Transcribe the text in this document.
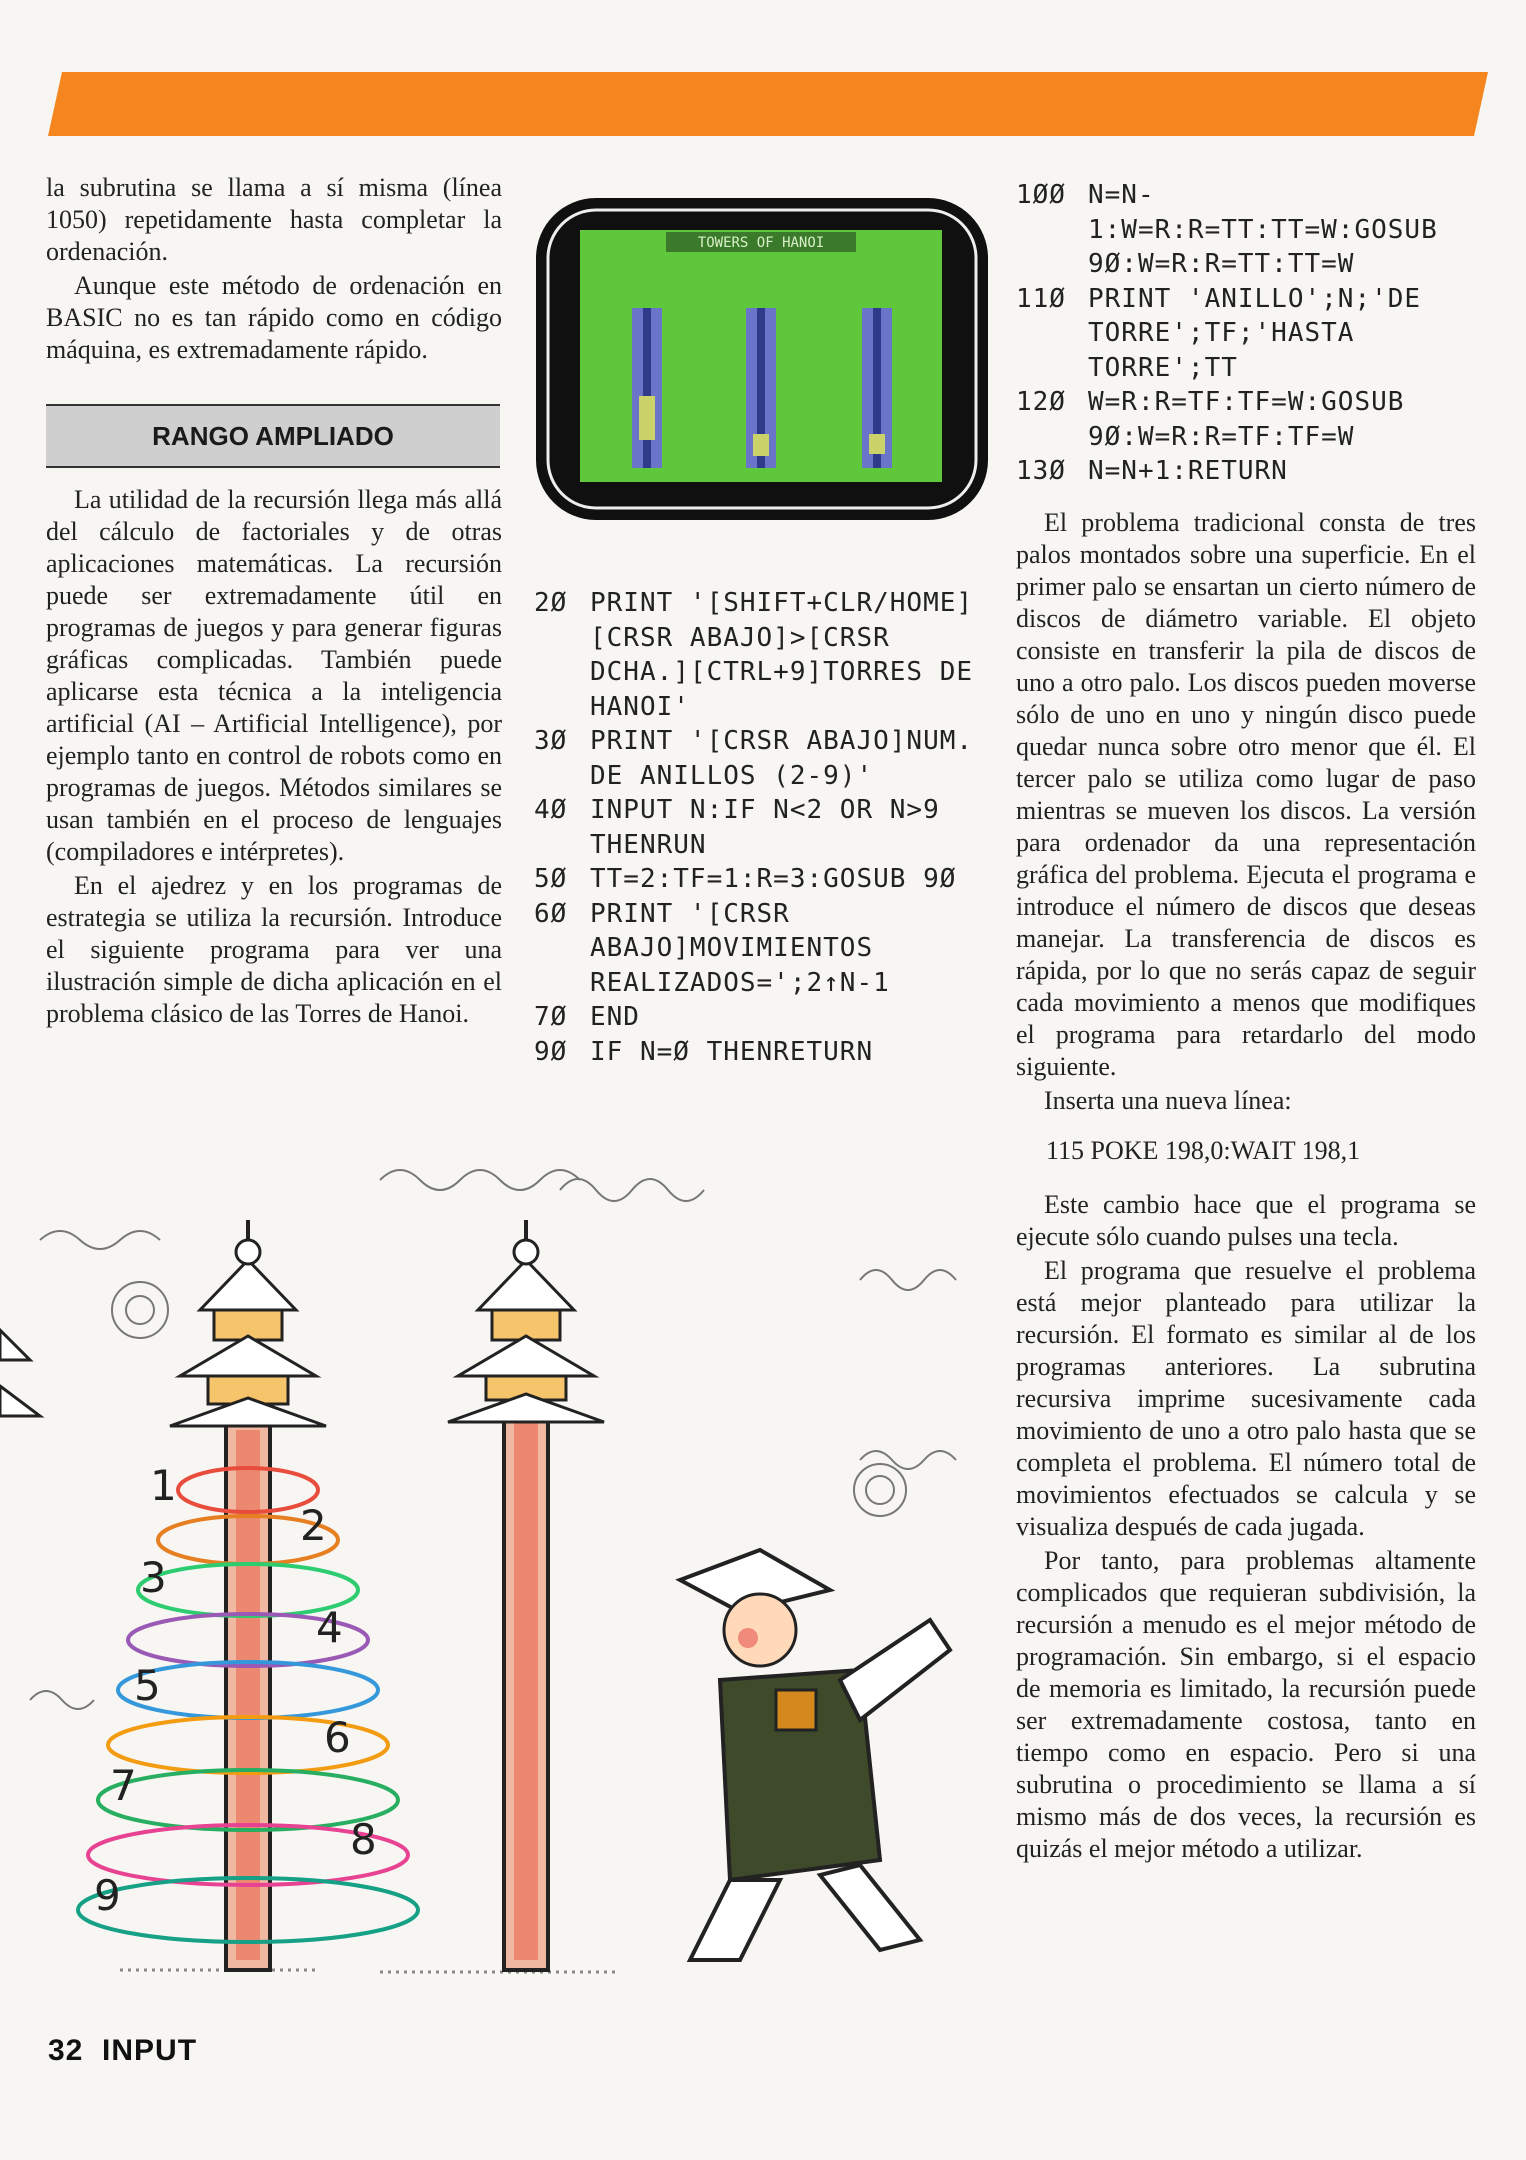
la subrutina se llama a sí misma (línea 1050) repetidamente hasta completar la ordenación.

Aunque este método de ordenación en BASIC no es tan rápido como en código máquina, es extremadamente rápido.

RANGO AMPLIADO

La utilidad de la recursión llega más allá del cálculo de factoriales y de otras aplicaciones matemáticas. La recursión puede ser extremadamente útil en programas de juegos y para generar figuras gráficas complicadas. También puede aplicarse esta técnica a la inteligencia artificial (AI – Artificial Intelligence), por ejemplo tanto en control de robots como en programas de juegos. Métodos similares se usan también en el proceso de lenguajes (compiladores e intérpretes).

En el ajedrez y en los programas de estrategia se utiliza la recursión. Introduce el siguiente programa para ver una ilustración simple de dicha aplicación en el problema clásico de las Torres de Hanoi.

TOWERS OF HANOI
2Ø PRINT '[SHIFT+CLR/HOME][CRSR ABAJO]>[CRSR DCHA.][CTRL+9]TORRES DE HANOI'
3Ø PRINT '[CRSR ABAJO]NUM. DE ANILLOS (2-9)'
4Ø INPUT N:IF N<2 OR N>9 THENRUN
5Ø TT=2:TF=1:R=3:GOSUB 9Ø
6Ø PRINT '[CRSR ABAJO]MOVIMIENTOS REALIZADOS=';2↑N-1
7Ø END
9Ø IF N=Ø THENRETURN
1ØØ N=N-1:W=R:R=TT:TT=W:GOSUB 9Ø:W=R:R=TT:TT=W
11Ø PRINT 'ANILLO';N;'DE TORRE';TF;'HASTA TORRE';TT
12Ø W=R:R=TF:TF=W:GOSUB 9Ø:W=R:R=TF:TF=W
13Ø N=N+1:RETURN

El problema tradicional consta de tres palos montados sobre una superficie. En el primer palo se ensartan un cierto número de discos de diámetro variable. El objeto consiste en transferir la pila de discos de uno a otro palo. Los discos pueden moverse sólo de uno en uno y ningún disco puede quedar nunca sobre otro menor que él. El tercer palo se utiliza como lugar de paso mientras se mueven los discos. La versión para ordenador da una representación gráfica del problema. Ejecuta el programa e introduce el número de discos que deseas manejar. La transferencia de discos es rápida, por lo que no serás capaz de seguir cada movimiento a menos que modifiques el programa para retardarlo del modo siguiente.

Inserta una nueva línea:

115 POKE 198,0:WAIT 198,1

Este cambio hace que el programa se ejecute sólo cuando pulses una tecla.

El programa que resuelve el problema está mejor planteado para utilizar la recursión. El formato es similar al de los programas anteriores. La subrutina recursiva imprime sucesivamente cada movimiento de uno a otro palo hasta que se completa el problema. El número total de movimientos efectuados se calcula y se visualiza después de cada jugada.

Por tanto, para problemas altamente complicados que requieran subdivisión, la recursión a menudo es el mejor método de programación. Sin embargo, si el espacio de memoria es limitado, la recursión puede ser extremadamente costosa, tanto en tiempo como en espacio. Pero si una subrutina o procedimiento se llama a sí mismo más de dos veces, la recursión es quizás el mejor método a utilizar.

1
2
3
4
5
6
7
8
9
32 INPUT
